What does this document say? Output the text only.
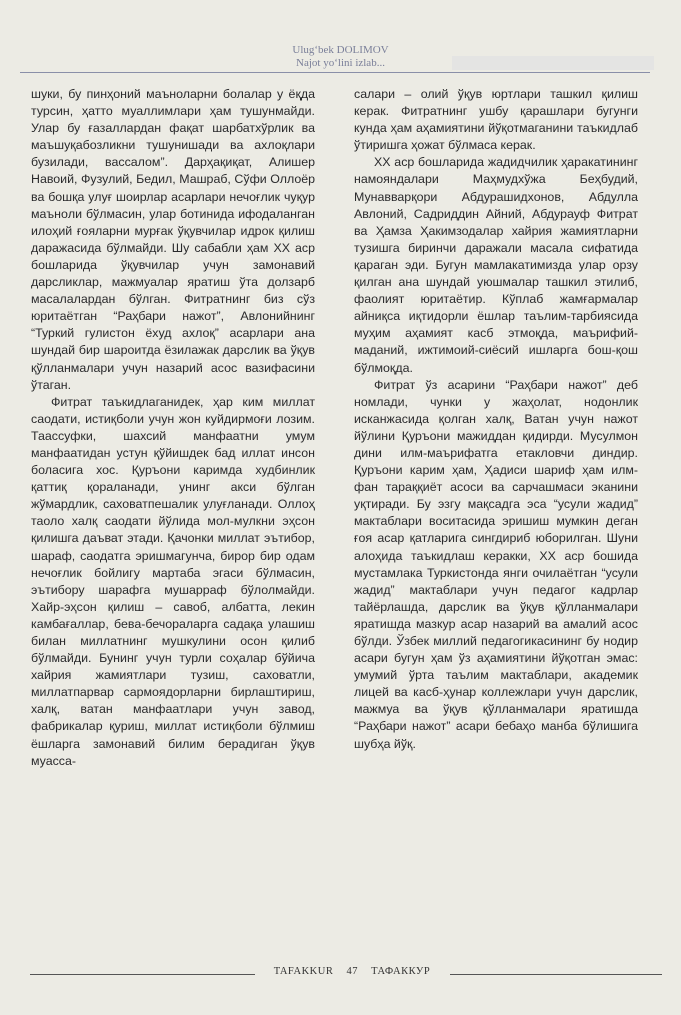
Ulug‘bek DOLIMOV
Najot yo‘lini izlab...

шуки, бу пинҳоний маъноларни болалар у ёқда турсин, ҳатто муаллимлари ҳам тушунмайди. Улар бу ғазаллардан фақат шарбатхўрлик ва маъшуқабозликни тушунишади ва ахлоқлари бузилади, вассалом”. Дарҳақиқат, Алишер Навоий, Фузулий, Бедил, Машраб, Сўфи Оллоёр ва бошқа улуғ шоирлар асарлари нечоғлик чуқур маънoли бўлмасин, улар ботинида ифодаланган илоҳий ғояларни мурғак ўқувчилар идрок қилиш даражасида бўлмайди. Шу сабабли ҳам ХХ аср бошларида ўқувчилар учун замонавий дарсликлар, мажмуалар яратиш ўта долзарб масалалардан бўлган. Фитратнинг биз сўз юритаётган “Раҳбари нажот”, Авлонийнинг “Туркий гулистон ёхуд ахлоқ” асарлари ана шундай бир шароитда ёзилажак дарслик ва ўқув қўлланмалари учун назарий асос вазифасини ўтаган.

Фитрат таъкидлаганидек, ҳар ким миллат саодати, истиқболи учун жон куйдирмоғи лозим. Таассуфки, шахсий манфаатни умум манфаатидан устун қўйишдек бад иллат инсон боласига хос. Қуръони каримда худбинлик қаттиқ қораланади, унинг акси бўлган жўмардлик, саховатпешалик улуғланади. Оллоҳ таоло халқ саодати йўлида мол-мулкни эҳсон қилишга даъват этади. Қачонки миллат эътибор, шараф, саодатга эришмагунча, бирор бир одам нечоғлик бойлигу мартаба эгаси бўлмасин, эътибору шарафга мушарраф бўлолмайди. Хайр-эҳсон қилиш – савоб, албатта, лекин камбағаллар, бева-бечораларга садақа улашиш билан миллатнинг мушкулини осон қилиб бўлмайди. Бунинг учун турли соҳалар бўйича хайрия жамиятлари тузиш, саховатли, миллатпарвар сармоядорларни бирлаштириш, халқ, ватан манфаатлари учун завод, фабрикалар қуриш, миллат истиқболи бўлмиш ёшларга замонавий билим берадиган ўқув муасса-

салари – олий ўқув юртлари ташкил қилиш керак. Фитратнинг ушбу қарашлари бугунги кунда ҳам аҳамиятини йўқотмаганини таъкидлаб ўтиришга ҳожат бўлмаса керак.

ХХ аср бошларида жадидчилик ҳаракатининг намояндалари Маҳмудхўжа Беҳбудий, Мунавварқори Абдурашидхонов, Абдулла Авлоний, Садриддин Айний, Абдурауф Фитрат ва Ҳамза Ҳакимзодалар хайрия жамиятларни тузишга биринчи даражали масала сифатида қараган эди. Бугун мамлакатимизда улар орзу қилган ана шундай уюшмалар ташкил этилиб, фаолият юритаётир. Кўплаб жамғармалар айниқса иқтидорли ёшлар таълим-тарбиясида муҳим аҳамият касб этмоқда, маърифий-маданий, ижтимоий-сиёсий ишларга бош-қош бўлмоқда.

Фитрат ўз асарини “Раҳбари нажот” деб номлади, чунки у жаҳолат, нодонлик исканжасида қолган халқ, Ватан учун нажот йўлини Қуръони мажиддан қидирди. Мусулмон дини илм-маърифатга етакловчи диндир. Қуръони карим ҳам, Ҳадиси шариф ҳам илм-фан тараққиёт асоси ва сарчашмаси эканини уқтиради. Бу эзгу мақсадга эса “усули жадид” мактаблари воситасида эришиш мумкин деган ғоя асар қатларига сингдириб юборилган. Шуни алоҳида таъкидлаш керакки, ХХ аср бошида мустамлака Туркистонда янги очилаётган “усули жадид” мактаблари учун педагог кадрлар тайёрлашда, дарслик ва ўқув қўлланмалари яратишда мазкур асар назарий ва амалий асос бўлди. Ўзбек миллий педагогикасининг бу нодир асари бугун ҳам ўз аҳамиятини йўқотган эмас: умумий ўрта таълим мактаблари, академик лицей ва касб-ҳунар коллежлари учун дарслик, мажмуа ва ўқув қўлланмалари яратишда “Раҳбари нажот” асари бебаҳо манба бўлишига шубҳа йўқ.

TAFAKKUR 47 ТАФАККУР
